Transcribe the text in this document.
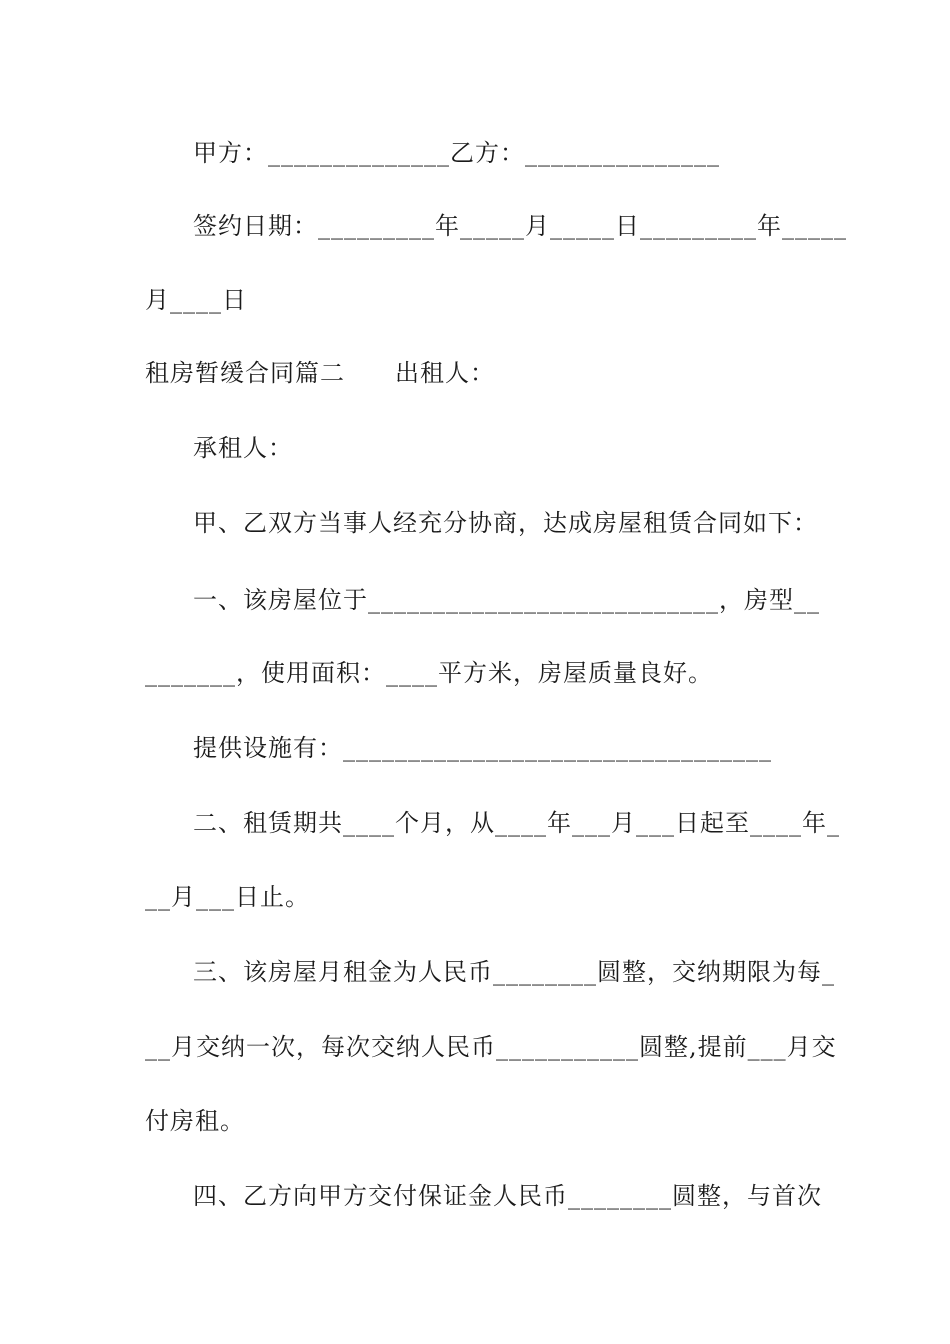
甲方：______________乙方：_______________
签约日期：_________年_____月_____日_________年_____
月____日
租房暂缓合同篇二　　出租人：
承租人：
甲、乙双方当事人经充分协商，达成房屋租赁合同如下：
一、该房屋位于___________________________，房型__
_______，使用面积：____平方米，房屋质量良好。
提供设施有：_________________________________
二、租赁期共____个月，从____年___月___日起至____年_
__月___日止。
三、该房屋月租金为人民币________圆整，交纳期限为每_
__月交纳一次，每次交纳人民币___________圆整,提前___月交
付房租。
四、乙方向甲方交付保证金人民币________圆整，与首次
